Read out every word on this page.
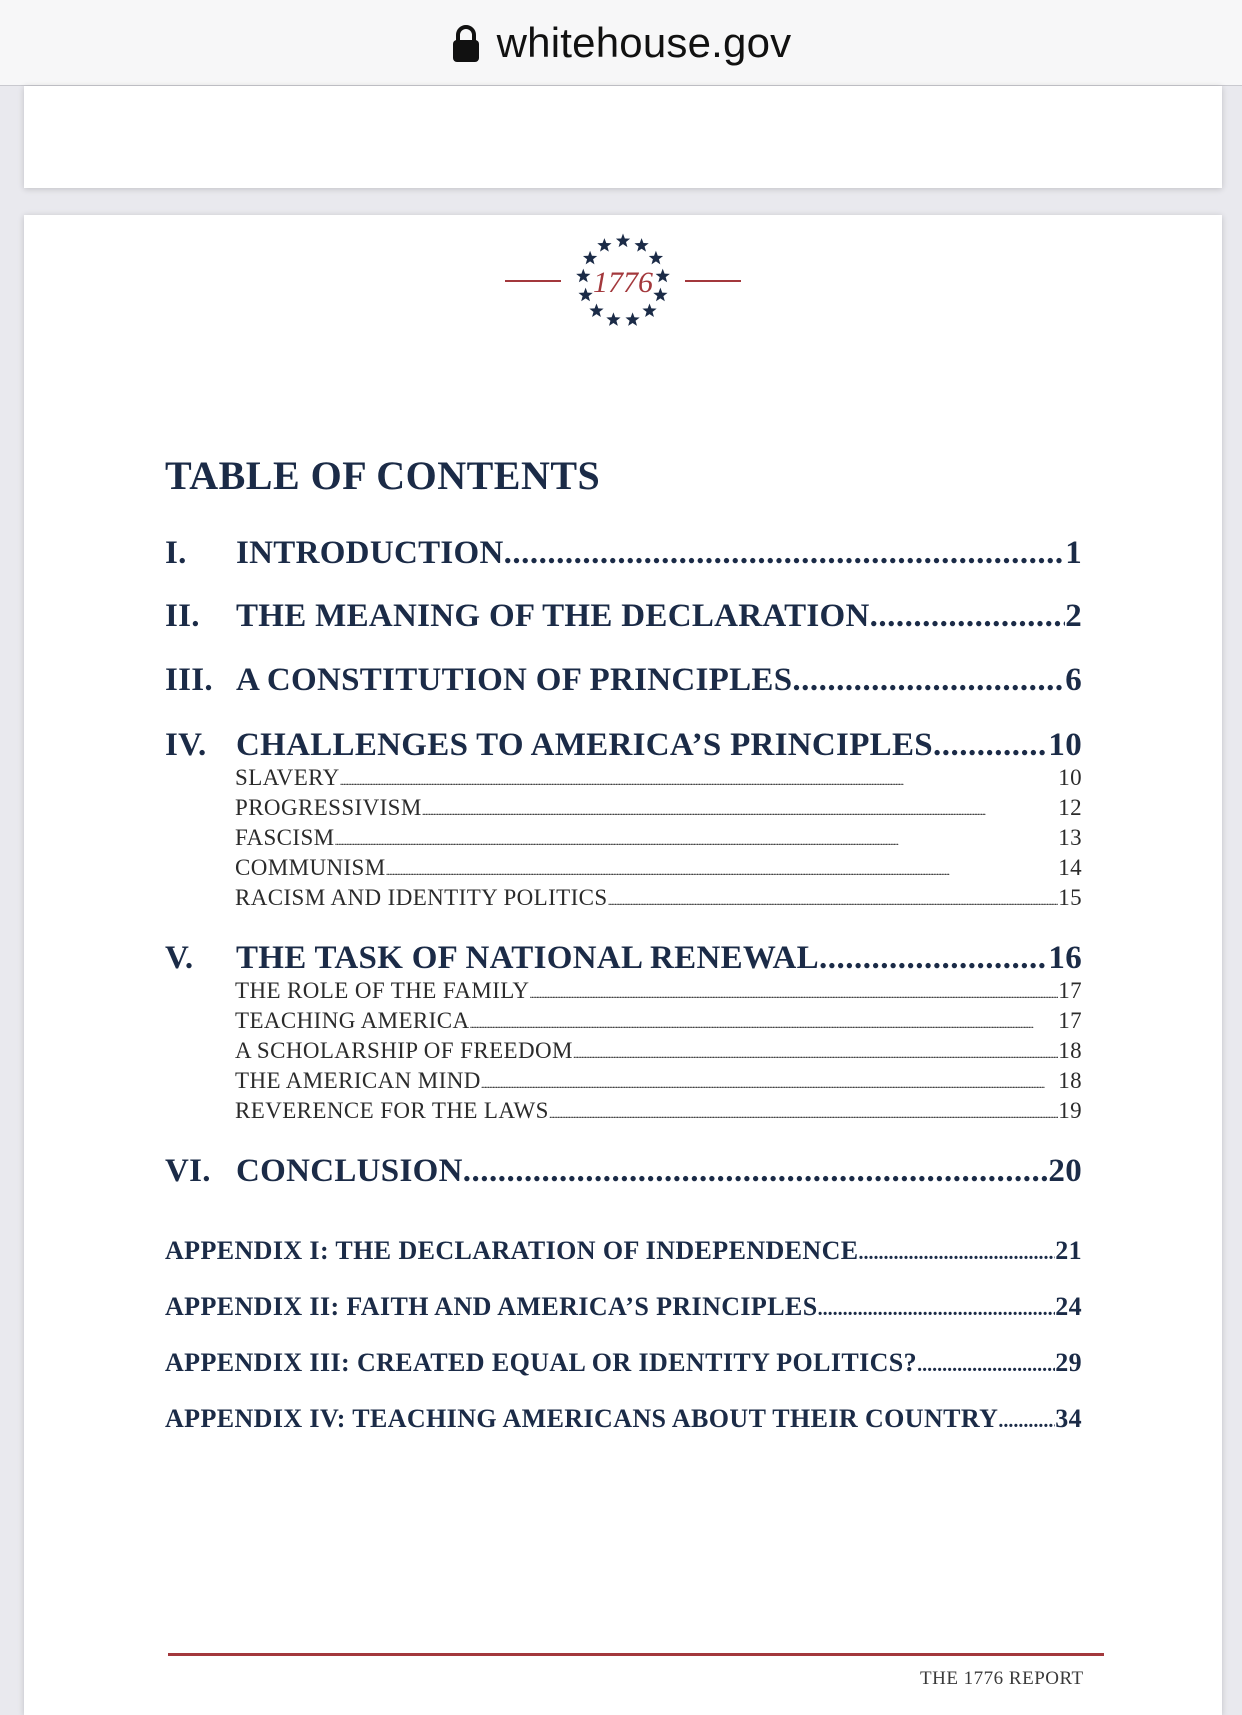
whitehouse.gov
1776
TABLE OF CONTENTS
I.	INTRODUCTION .....	1
II.	THE MEANING OF THE DECLARATION .....	2
III. A CONSTITUTION OF PRINCIPLES .....	6
IV. CHALLENGES TO AMERICA’S PRINCIPLES .....	10
SLAVERY .....	10
PROGRESSIVISM .....	12
FASCISM .....	13
COMMUNISM .....	14
RACISM AND IDENTITY POLITICS .....	15
V.	THE TASK OF NATIONAL RENEWAL .....	16
THE ROLE OF THE FAMILY .....	17
TEACHING AMERICA .....	17
A SCHOLARSHIP OF FREEDOM .....	18
THE AMERICAN MIND .....	18
REVERENCE FOR THE LAWS .....	19
VI. CONCLUSION .....	20
APPENDIX I: THE DECLARATION OF INDEPENDENCE .....	21
APPENDIX II: FAITH AND AMERICA’S PRINCIPLES .....	24
APPENDIX III: CREATED EQUAL OR IDENTITY POLITICS? .....	29
APPENDIX IV: TEACHING AMERICANS ABOUT THEIR COUNTRY ..... 34
THE 1776 REPORT
